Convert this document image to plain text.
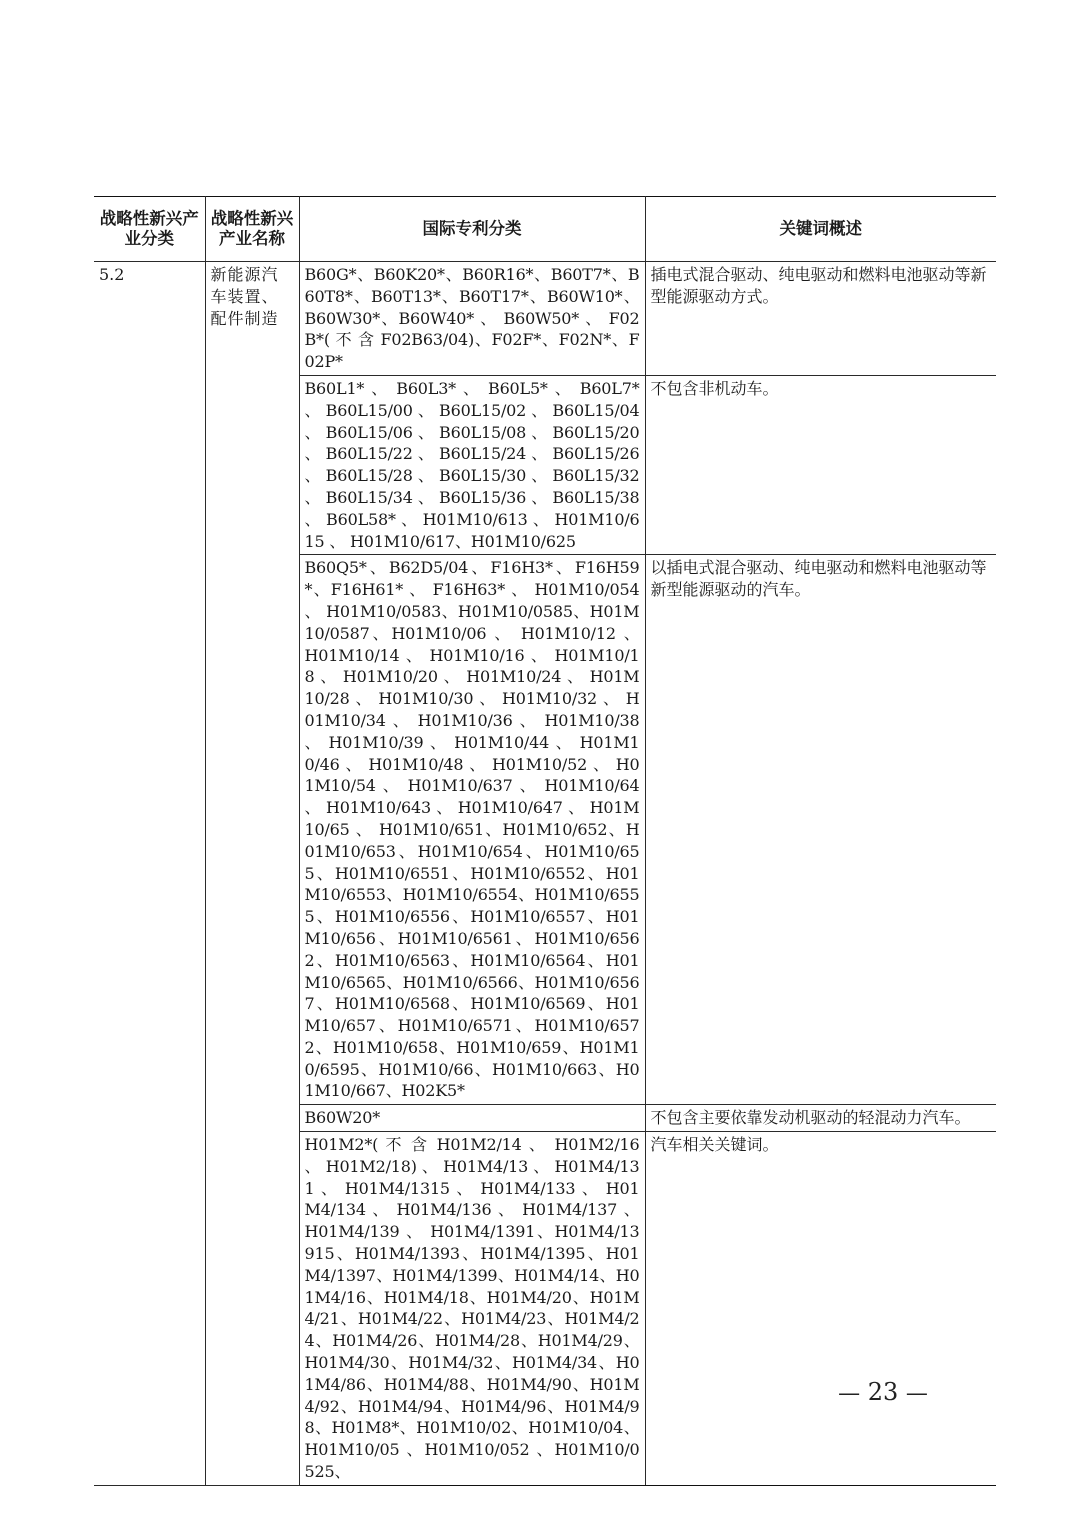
战略性新兴产业分类	战略性新兴产业名称	国际专利分类	关键词概述
5.2	新能源汽车装置、配件制造	B60G*、B60K20*、B60R16*、B60T7*、B60T8*、B60T13*、B60T17*、B60W10*、B60W30*、B60W40* 、 B60W50* 、 F02B*( 不 含 F02B63/04)、F02F*、F02N*、F02P*	插电式混合驱动、纯电驱动和燃料电池驱动等新型能源驱动方式。
		B60L1* 、 B60L3* 、 B60L5* 、 B60L7* 、 B60L15/00 、 B60L15/02 、 B60L15/04 、 B60L15/06 、 B60L15/08 、 B60L15/20 、 B60L15/22 、 B60L15/24 、 B60L15/26 、 B60L15/28 、 B60L15/30 、 B60L15/32 、 B60L15/34 、 B60L15/36 、 B60L15/38 、 B60L58* 、 H01M10/613 、 H01M10/615 、 H01M10/617、H01M10/625	不包含非机动车。
		B60Q5*、B62D5/04、F16H3*、F16H59*、F16H61* 、 F16H63* 、 H01M10/054 、 H01M10/0583、H01M10/0585、H01M10/0587、H01M10/06 、 H01M10/12 、 H01M10/14 、 H01M10/16 、 H01M10/18 、 H01M10/20 、 H01M10/24 、 H01M10/28 、 H01M10/30 、 H01M10/32 、 H01M10/34 、 H01M10/36 、 H01M10/38 、 H01M10/39 、 H01M10/44 、 H01M10/46 、 H01M10/48 、 H01M10/52 、 H01M10/54 、 H01M10/637 、 H01M10/64 、 H01M10/643 、 H01M10/647 、 H01M10/65 、 H01M10/651、H01M10/652、H01M10/653、H01M10/654、H01M10/655、H01M10/6551、H01M10/6552、H01M10/6553、H01M10/6554、H01M10/6555、H01M10/6556、H01M10/6557、H01M10/656、H01M10/6561、H01M10/6562、H01M10/6563、H01M10/6564、H01M10/6565、H01M10/6566、H01M10/6567、H01M10/6568、H01M10/6569、H01M10/657、H01M10/6571、H01M10/6572、H01M10/658、H01M10/659、H01M10/6595、H01M10/66、H01M10/663、H01M10/667、H02K5*	以插电式混合驱动、纯电驱动和燃料电池驱动等新型能源驱动的汽车。
		B60W20*	不包含主要依靠发动机驱动的轻混动力汽车。
		H01M2*( 不 含 H01M2/14 、 H01M2/16 、 H01M2/18) 、 H01M4/13 、 H01M4/131 、 H01M4/1315 、 H01M4/133 、 H01M4/134 、 H01M4/136 、 H01M4/137 、 H01M4/139 、 H01M4/1391、H01M4/13915、H01M4/1393、H01M4/1395、H01M4/1397、H01M4/1399、H01M4/14、H01M4/16、H01M4/18、H01M4/20、H01M4/21、H01M4/22、H01M4/23、H01M4/24、H01M4/26、H01M4/28、H01M4/29、H01M4/30、H01M4/32、H01M4/34、H01M4/86、H01M4/88、H01M4/90、H01M4/92、H01M4/94、H01M4/96、H01M4/98、H01M8*、H01M10/02、H01M10/04、H01M10/05 、H01M10/052 、H01M10/0525、	汽车相关关键词。
— 23 —
